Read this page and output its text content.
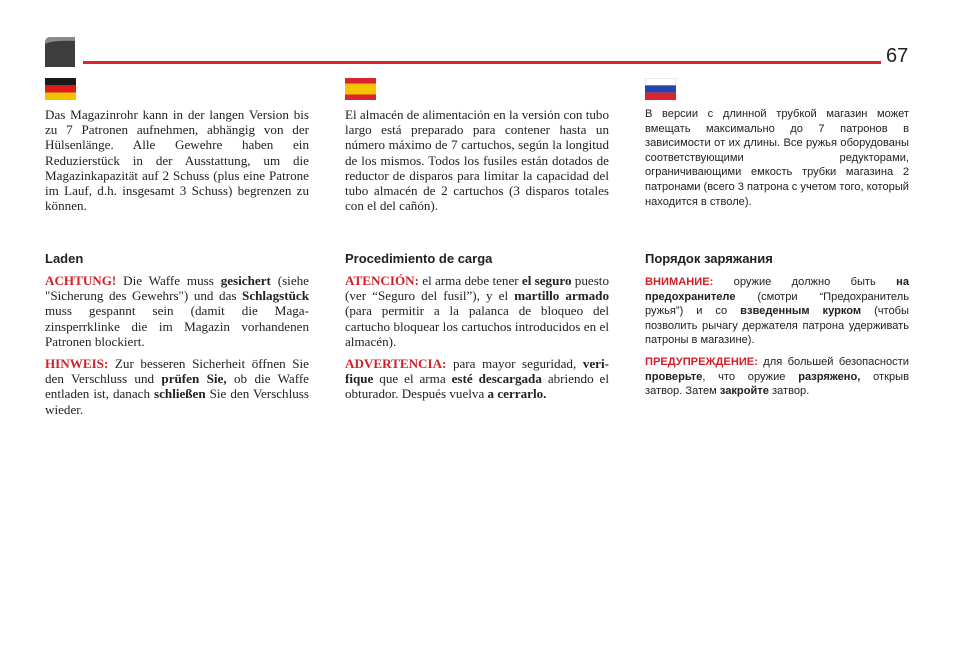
67

Das Magazinrohr kann in der langen Version bis zu 7 Patronen aufnehmen, abhängig von der Hülsenlänge. Alle Gewehre haben ein Reduzierstück in der Ausstattung, um die Magazinkapazität auf 2 Schuss (plus eine Patrone im Lauf, d.h. insgesamt 3 Schuss) begrenzen zu können.

Laden

ACHTUNG! Die Waffe muss gesichert (siehe "Sicherung des Gewehrs") und das Schlagstück muss gespannt sein (damit die Magazinsperrklinke die im Magazin vorhandenen Patronen blockiert.

HINWEIS: Zur besseren Sicherheit öffnen Sie den Verschluss und prüfen Sie, ob die Waffe entladen ist, danach schließen Sie den Verschluss wieder.

El almacén de alimentación en la versión con tubo largo está preparado para contener hasta un número máximo de 7 cartuchos, según la longitud de los mismos. Todos los fusiles están dotados de reductor de disparos para limitar la capacidad del tubo almacén de 2 cartuchos (3 disparos totales con el del cañón).

Procedimiento de carga

ATENCIÓN: el arma debe tener el seguro puesto (ver “Seguro del fusil”), y el martillo armado (para permitir a la palanca de bloqueo del cartucho bloquear los cartuchos introducidos en el almacén).

ADVERTENCIA: para mayor seguridad, verifique que el arma esté descargada abriendo el obturador. Después vuelva a cerrarlo.

В версии с длинной трубкой магазин может вмещать максимально до 7 патронов в зависимости от их длины. Все ружья оборудованы соответствующими редукторами, ограничивающими емкость трубки магазина 2 патронами (всего 3 патрона с учетом того, который находится в стволе).

Порядок заряжания

ВНИМАНИЕ: оружие должно быть на предохранителе (смотри “Предохранитель ружья”) и со взведенным курком (чтобы позволить рычагу держателя патрона удерживать патроны в магазине).

ПРЕДУПРЕЖДЕНИЕ: для большей безопасности проверьте, что оружие разряжено, открыв затвор. Затем закройте затвор.
